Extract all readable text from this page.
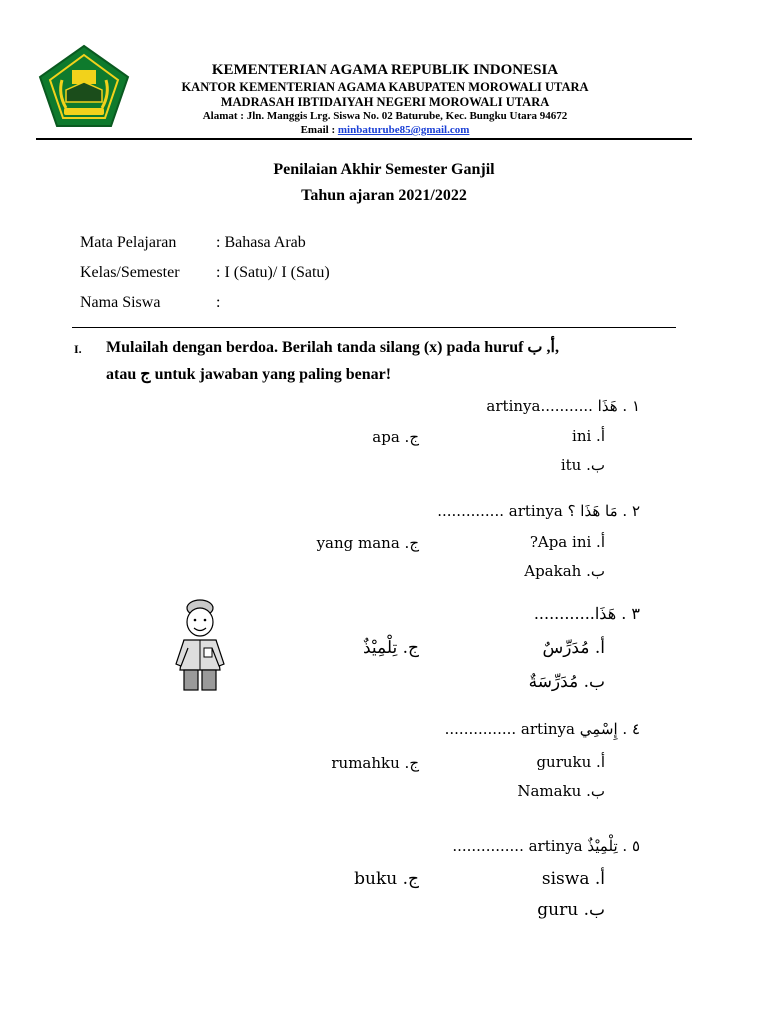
KEMENTERIAN AGAMA REPUBLIK INDONESIA
KANTOR KEMENTERIAN AGAMA KABUPATEN MOROWALI UTARA
MADRASAH IBTIDAIYAH NEGERI MOROWALI UTARA
Alamat : Jln. Manggis Lrg. Siswa No. 02 Baturube, Kec. Bungku Utara 94672
Email : minbaturube85@gmail.com
Penilaian Akhir Semester Ganjil
Tahun ajaran 2021/2022
Mata Pelajaran : Bahasa Arab
Kelas/Semester : I (Satu)/ I (Satu)
Nama Siswa	:
I. Mulailah dengan berdoa. Berilah tanda silang (x) pada huruf أ, ب,
atau ج untuk jawaban yang paling benar!
١ . هَذَا ...........artinya
أ. ini
ب. itu
ج. apa
٢ . مَا هَذَا ؟ artinya ..............
أ. Apa ini?
ب. Apakah
ج. yang mana
٣ . هَذَا............
أ. مُدَرِّسٌ
ب. مُدَرِّسَةٌ
ج. تِلْمِيْذٌ
٤ . إِسْمِي artinya ...............
أ. guruku
ب. Namaku
ج. rumahku
٥ . تِلْمِيْذٌ artinya ...............
أ. siswa
ب. guru
ج. buku
